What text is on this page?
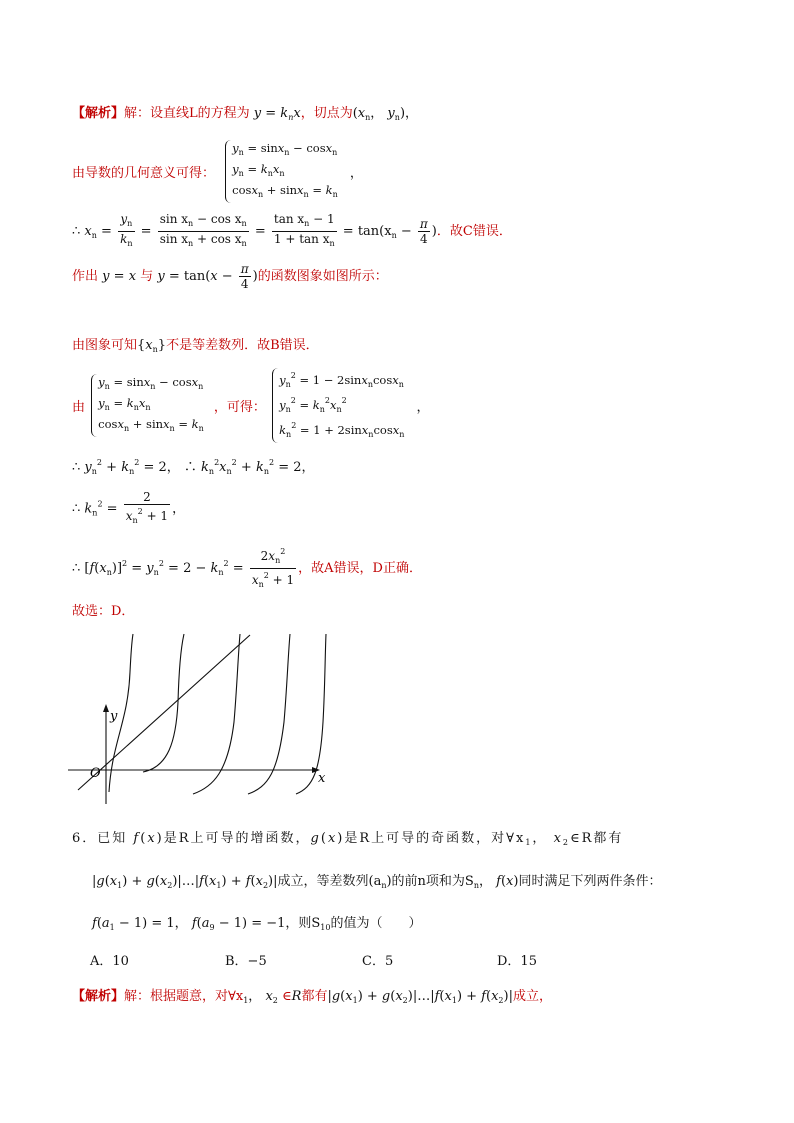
【解析】解：设直线L的方程为 $y = k_nx$，切点为($x_n$， $y_n$)，
由导数的几何意义可得：
$y_n = \sin x_n - \cos x_n$
$y_n = k_nx_n$
$\cos x_n + \sin x_n = k_n$
，
∴ $x_n = \frac{y_n}{k_n} = \frac{\sin x_n - \cos x_n}{\sin x_n + \cos x_n} = \frac{\tan x_n - 1}{1 + \tan x_n} = \tan(x_n - \frac{\pi}{4}$ )．故C错误．
作出 y = x 与 $y = \tan(x - \frac{\pi}{4}$ )的函数图象如图所示：
由图象可知$\{x_n\}$不是等差数列．故B错误．
由
$y_n = \sin x_n - \cos x_n$
$y_n = k_nx_n$
$\cos x_n + \sin x_n = k_n$
，可得：
$y_n^2 = 1 - 2\sin x_n\cos x_n$
$y_n^2 = k_n^2x_n^2$
$k_n^2 = 1 + 2\sin x_n\cos x_n$
，
∴ $y_n^2 + k_n^2 = 2$， ∴ $k_n^2x_n^2 + k_n^2 = 2$，
∴ $k_n^2 = \frac{2}{x_n^2 + 1}$ ，
∴ $[f(x_n)]^2 = y_n^2 = 2 - k_n^2 = \frac{2x_n^2}{x_n^2 + 1}$ ，故A错误，D正确．
故选：D．
y
O	x
6．已知 f(x)是R上可导的增函数，g(x)是R上可导的奇函数，对$\forall x_1$， $x_2\in R$都有
$|g(x_1)$ + $g(x_2)|\dots|f(x_1) + f(x_2)|$成立，等差数列$(a_n)$的前n项和为$S_n$， f(x)同时满足下列两件条件：
$f(a_1 - 1) = 1$， $f(a_9 - 1) = -1$，则$S_{10}$的值为（　　）
A．10	B．−5	C．5	D．15
【解析】解：根据题意，对$\forall x_1$， $x_2$ ∈R都有$|g(x_1)$ + $g(x_2)|\dots|f(x_1) + f(x_2)|$成立，
